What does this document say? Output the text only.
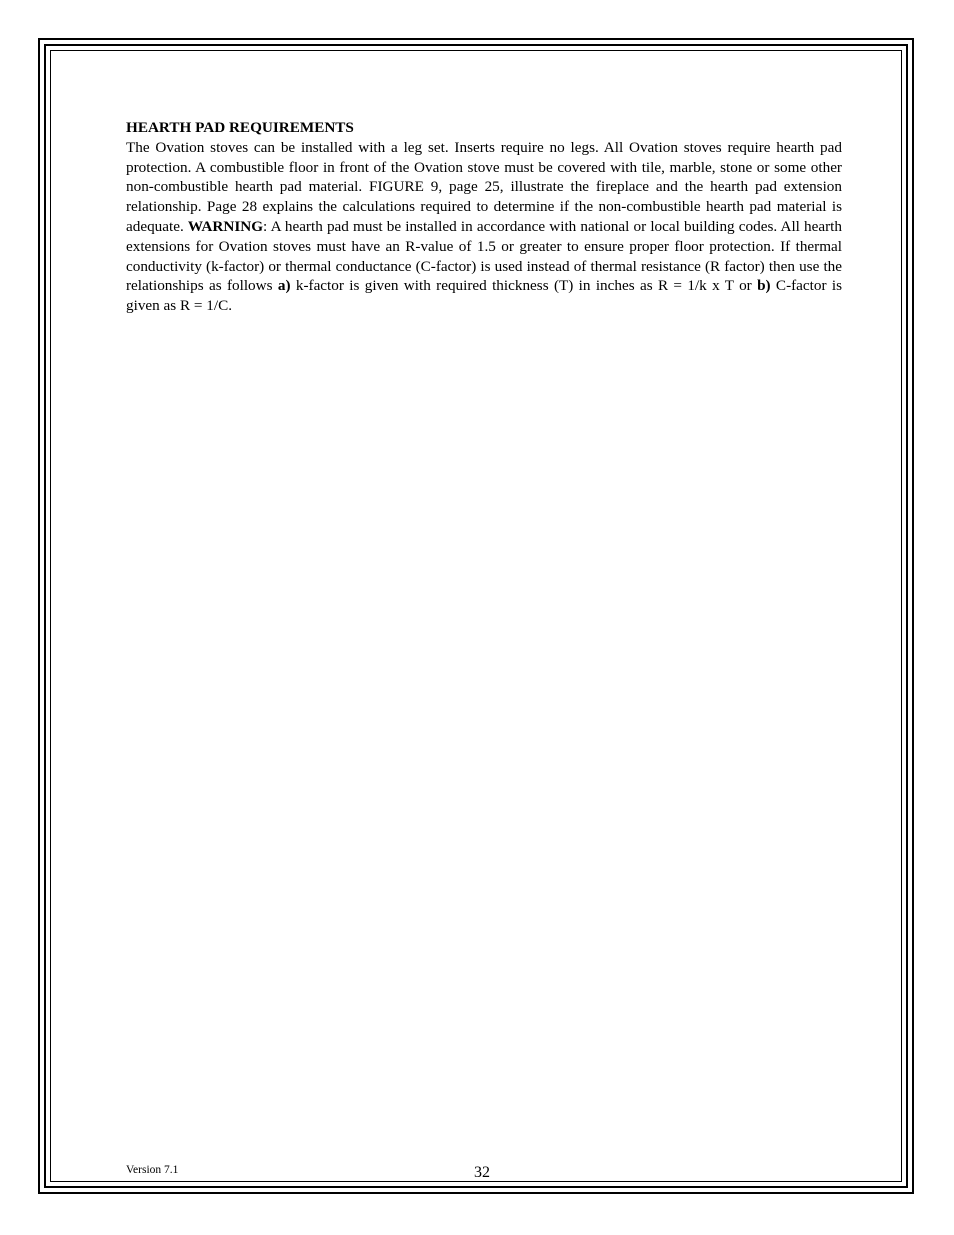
HEARTH PAD REQUIREMENTS

The Ovation stoves can be installed with a leg set. Inserts require no legs. All Ovation stoves require hearth pad protection. A combustible floor in front of the Ovation stove must be covered with tile, marble, stone or some other non-combustible hearth pad material. FIGURE 9, page 25, illustrate the fireplace and the hearth pad extension relationship. Page 28 explains the calculations required to determine if the non-combustible hearth pad material is adequate. WARNING: A hearth pad must be installed in accordance with national or local building codes. All hearth extensions for Ovation stoves must have an R-value of 1.5 or greater to ensure proper floor protection. If thermal conductivity (k-factor) or thermal conductance (C-factor) is used instead of thermal resistance (R factor) then use the relationships as follows a) k-factor is given with required thickness (T) in inches as R = 1/k x T or b) C-factor is given as R = 1/C.

Version 7.1	32
